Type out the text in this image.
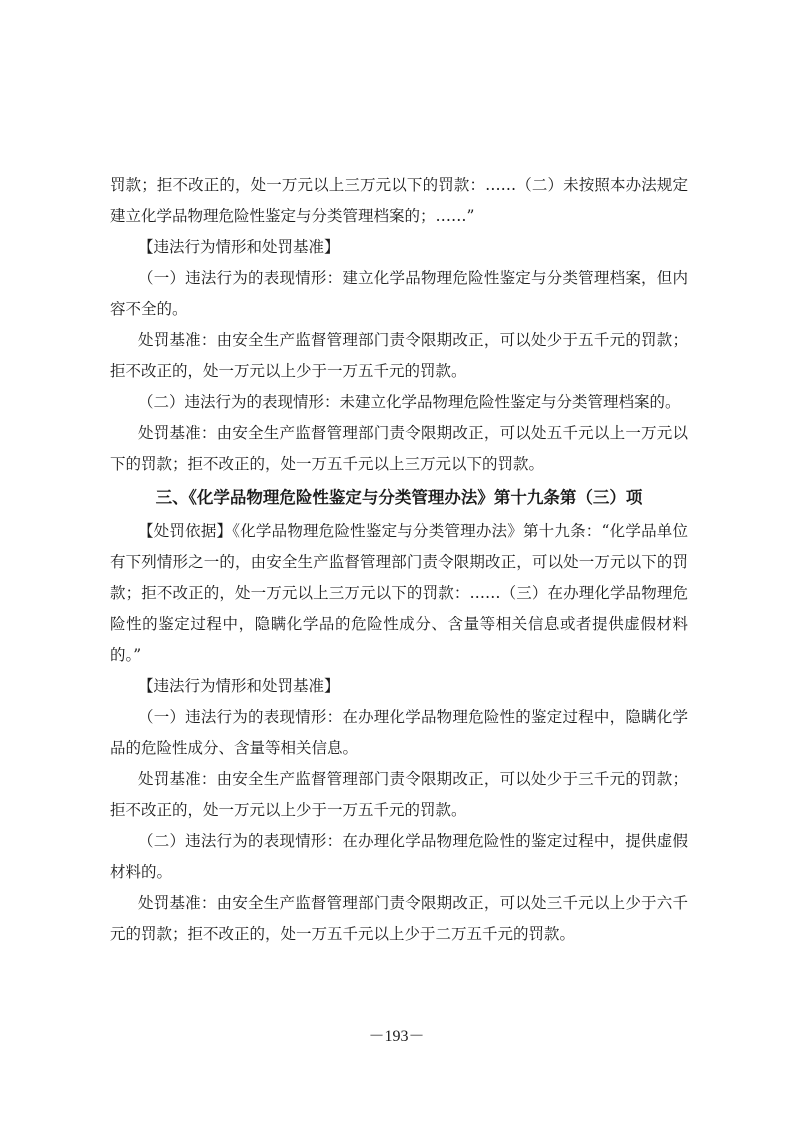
罚款；拒不改正的，处一万元以上三万元以下的罚款：……（二）未按照本办法规定建立化学品物理危险性鉴定与分类管理档案的；……”

【违法行为情形和处罚基准】

（一）违法行为的表现情形：建立化学品物理危险性鉴定与分类管理档案，但内容不全的。

处罚基准：由安全生产监督管理部门责令限期改正，可以处少于五千元的罚款；拒不改正的，处一万元以上少于一万五千元的罚款。

（二）违法行为的表现情形：未建立化学品物理危险性鉴定与分类管理档案的。

处罚基准：由安全生产监督管理部门责令限期改正，可以处五千元以上一万元以下的罚款；拒不改正的，处一万五千元以上三万元以下的罚款。

三、《化学品物理危险性鉴定与分类管理办法》第十九条第（三）项

【处罚依据】《化学品物理危险性鉴定与分类管理办法》第十九条：“化学品单位有下列情形之一的，由安全生产监督管理部门责令限期改正，可以处一万元以下的罚款；拒不改正的，处一万元以上三万元以下的罚款：……（三）在办理化学品物理危险性的鉴定过程中，隐瞒化学品的危险性成分、含量等相关信息或者提供虚假材料的。”

【违法行为情形和处罚基准】

（一）违法行为的表现情形：在办理化学品物理危险性的鉴定过程中，隐瞒化学品的危险性成分、含量等相关信息。

处罚基准：由安全生产监督管理部门责令限期改正，可以处少于三千元的罚款；拒不改正的，处一万元以上少于一万五千元的罚款。

（二）违法行为的表现情形：在办理化学品物理危险性的鉴定过程中，提供虚假材料的。

处罚基准：由安全生产监督管理部门责令限期改正，可以处三千元以上少于六千元的罚款；拒不改正的，处一万五千元以上少于二万五千元的罚款。

－193－
